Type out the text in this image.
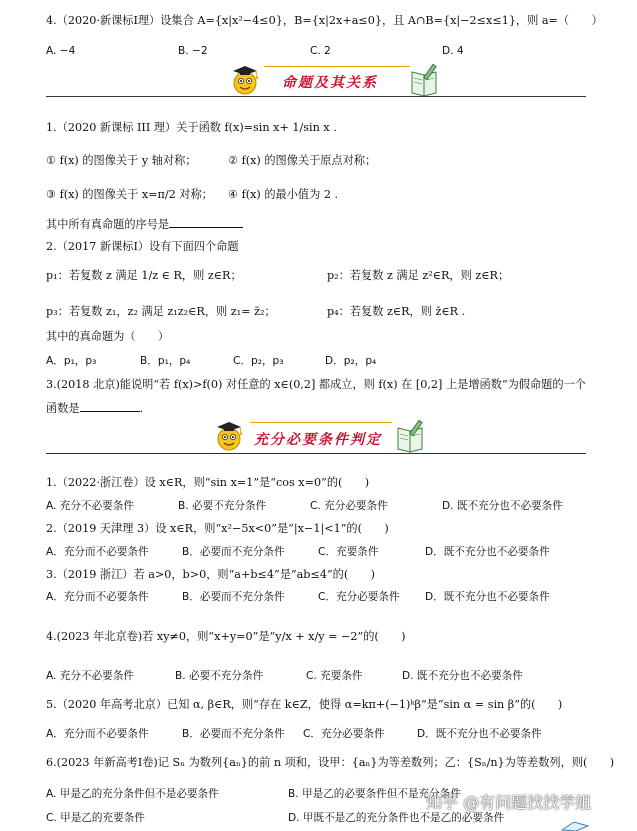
4.（2020·新课标Ⅰ理）设集合 A={x|x²−4≤0}，B={x|2x+a≤0}，且 A∩B={x|−2≤x≤1}，则 a=（　　）
A. −4	B. −2	C. 2	D. 4
命题及其关系
1.（2020 新课标 III 理）关于函数 f(x)=sin x+ 1/sin x .
① f(x) 的图像关于 y 轴对称；	② f(x) 的图像关于原点对称；
③ f(x) 的图像关于 x=π/2 对称； ④ f(x) 的最小值为 2 .
其中所有真命题的序号是
2.（2017 新课标Ⅰ）设有下面四个命题
p₁：若复数 z 满足 1/z ∈ R，则 z∈R；	p₂：若复数 z 满足 z²∈R，则 z∈R；
p₃：若复数 z₁，z₂ 满足 z₁z₂∈R，则 z₁= z̄₂；	p₄：若复数 z∈R，则 z̄∈R .
其中的真命题为（　　）
A．p₁，p₃	B．p₁，p₄	C．p₂，p₃	D．p₂，p₄
3.(2018 北京)能说明“若 f(x)>f(0) 对任意的 x∈(0,2] 都成立，则 f(x) 在 [0,2] 上是增函数”为假命题的一个
函数是	.
充分必要条件判定
1.（2022·浙江卷）设 x∈R，则“sin x=1”是“cos x=0”的(　　)
A. 充分不必要条件	B. 必要不充分条件	C. 充分必要条件	D. 既不充分也不必要条件
2.（2019 天津理 3）设 x∈R，则“x²−5x<0”是“|x−1|<1”的(　　)
A．充分而不必要条件	B．必要而不充分条件	C．充要条件	D．既不充分也不必要条件
3.（2019 浙江）若 a>0，b>0，则“a+b≤4”是“ab≤4”的(　　)
A．充分而不必要条件	B．必要而不充分条件	C．充分必要条件 D．既不充分也不必要条件
4.(2023 年北京卷)若 xy≠0，则“x+y=0”是“y/x + x/y = −2”的(　　)
A. 充分不必要条件	B. 必要不充分条件	C. 充要条件	D. 既不充分也不必要条件
5.（2020 年高考北京）已知 α, β∈R，则“存在 k∈Z，使得 α=kπ+(−1)ᵏβ”是“sin α = sin β”的(　　)
A．充分而不必要条件	B．必要而不充分条件 C．充分必要条件	D．既不充分也不必要条件
6.(2023 年新高考Ⅰ卷)记 Sₙ 为数列{aₙ}的前 n 项和，设甲：{aₙ}为等差数列；乙：{Sₙ/n}为等差数列，则(　　)
A. 甲是乙的充分条件但不是必要条件	B. 甲是乙的必要条件但不是充分条件
C. 甲是乙的充要条件	D. 甲既不是乙的充分条件也不是乙的必要条件
知乎 @有问题找找学姐
